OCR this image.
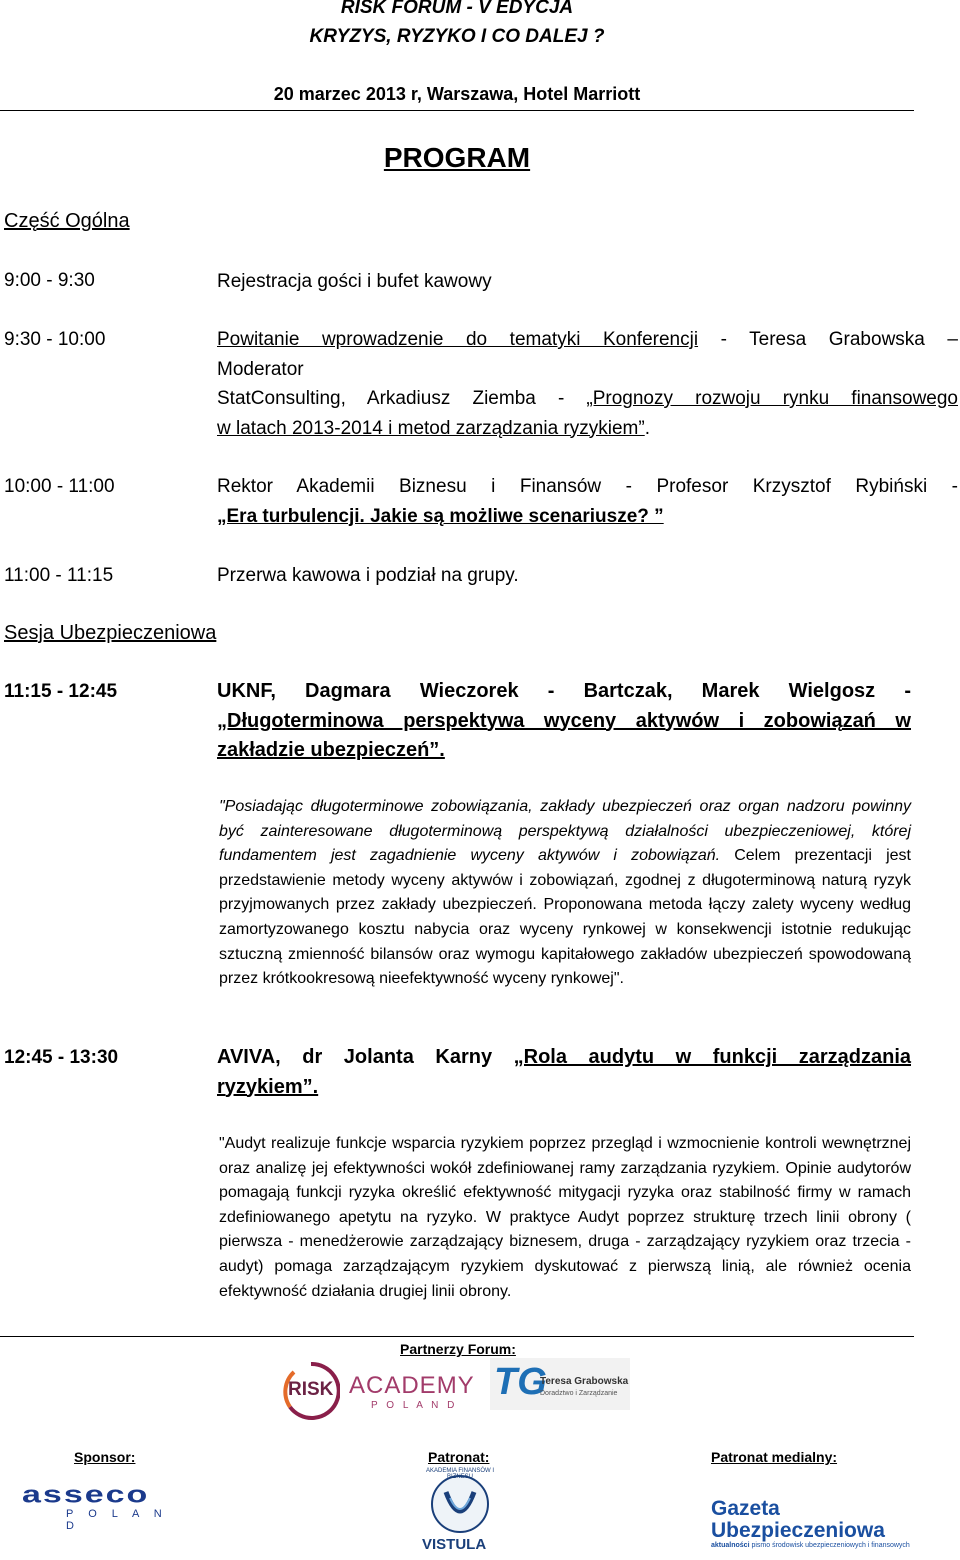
RISK FORUM - V EDYCJA
KRYZYS, RYZYKO I CO DALEJ ?
20 marzec 2013 r, Warszawa, Hotel Marriott
PROGRAM
Część Ogólna
9:00 - 9:30	Rejestracja gości i bufet kawowy
9:30 - 10:00	Powitanie wprowadzenie do tematyki Konferencji - Teresa Grabowska –
Moderator
StatConsulting, Arkadiusz Ziemba - „Prognozy rozwoju rynku finansowego
w latach 2013-2014 i metod zarządzania ryzykiem”.
10:00 - 11:00	Rektor Akademii Biznesu i Finansów - Profesor Krzysztof Rybiński -
„Era turbulencji. Jakie są możliwe scenariusze? ”
11:00 - 11:15	Przerwa kawowa i podział na grupy.
Sesja Ubezpieczeniowa
11:15 - 12:45	UKNF, Dagmara Wieczorek - Bartczak, Marek Wielgosz -
„Długoterminowa perspektywa wyceny aktywów i zobowiązań w
zakładzie ubezpieczeń”.

"Posiadając długoterminowe zobowiązania, zakłady ubezpieczeń oraz organ nadzoru powinny być zainteresowane długoterminową perspektywą działalności ubezpieczeniowej, której fundamentem jest zagadnienie wyceny aktywów i zobowiązań. Celem prezentacji jest przedstawienie metody wyceny aktywów i zobowiązań, zgodnej z długoterminową naturą ryzyk przyjmowanych przez zakłady ubezpieczeń. Proponowana metoda łączy zalety wyceny według zamortyzowanego kosztu nabycia oraz wyceny rynkowej w konsekwencji istotnie redukując sztuczną zmienność bilansów oraz wymogu kapitałowego zakładów ubezpieczeń spowodowaną przez krótkookresową nieefektywność wyceny rynkowej".

12:45 - 13:30	AVIVA, dr Jolanta Karny „Rola audytu w funkcji zarządzania
ryzykiem”.

"Audyt realizuje funkcje wsparcia ryzykiem poprzez przegląd i wzmocnienie kontroli wewnętrznej oraz analizę jej efektywności wokół zdefiniowanej ramy zarządzania ryzykiem. Opinie audytorów pomagają funkcji ryzyka określić efektywność mitygacji ryzyka oraz stabilność firmy w ramach zdefiniowanego apetytu na ryzyko. W praktyce Audyt poprzez strukturę trzech linii obrony ( pierwsza - menedżerowie zarządzający biznesem, druga - zarządzający ryzykiem oraz trzecia - audyt) pomaga zarządzającym ryzykiem dyskutować z pierwszą linią, ale również ocenia efektywność działania drugiej linii obrony.

Partnerzy Forum:
RISK ACADEMY
P O L A N D
TG
Teresa Grabowska
Doradztwo i Zarządzanie
Sponsor:	Patronat:	Patronat medialny:
asseco
P O L A N D
AKADEMIA FINANSÓW I BIZNESU
VISTULA
Gazeta
Ubezpieczeniowa
aktualności pismo środowisk ubezpieczeniowych i finansowych
